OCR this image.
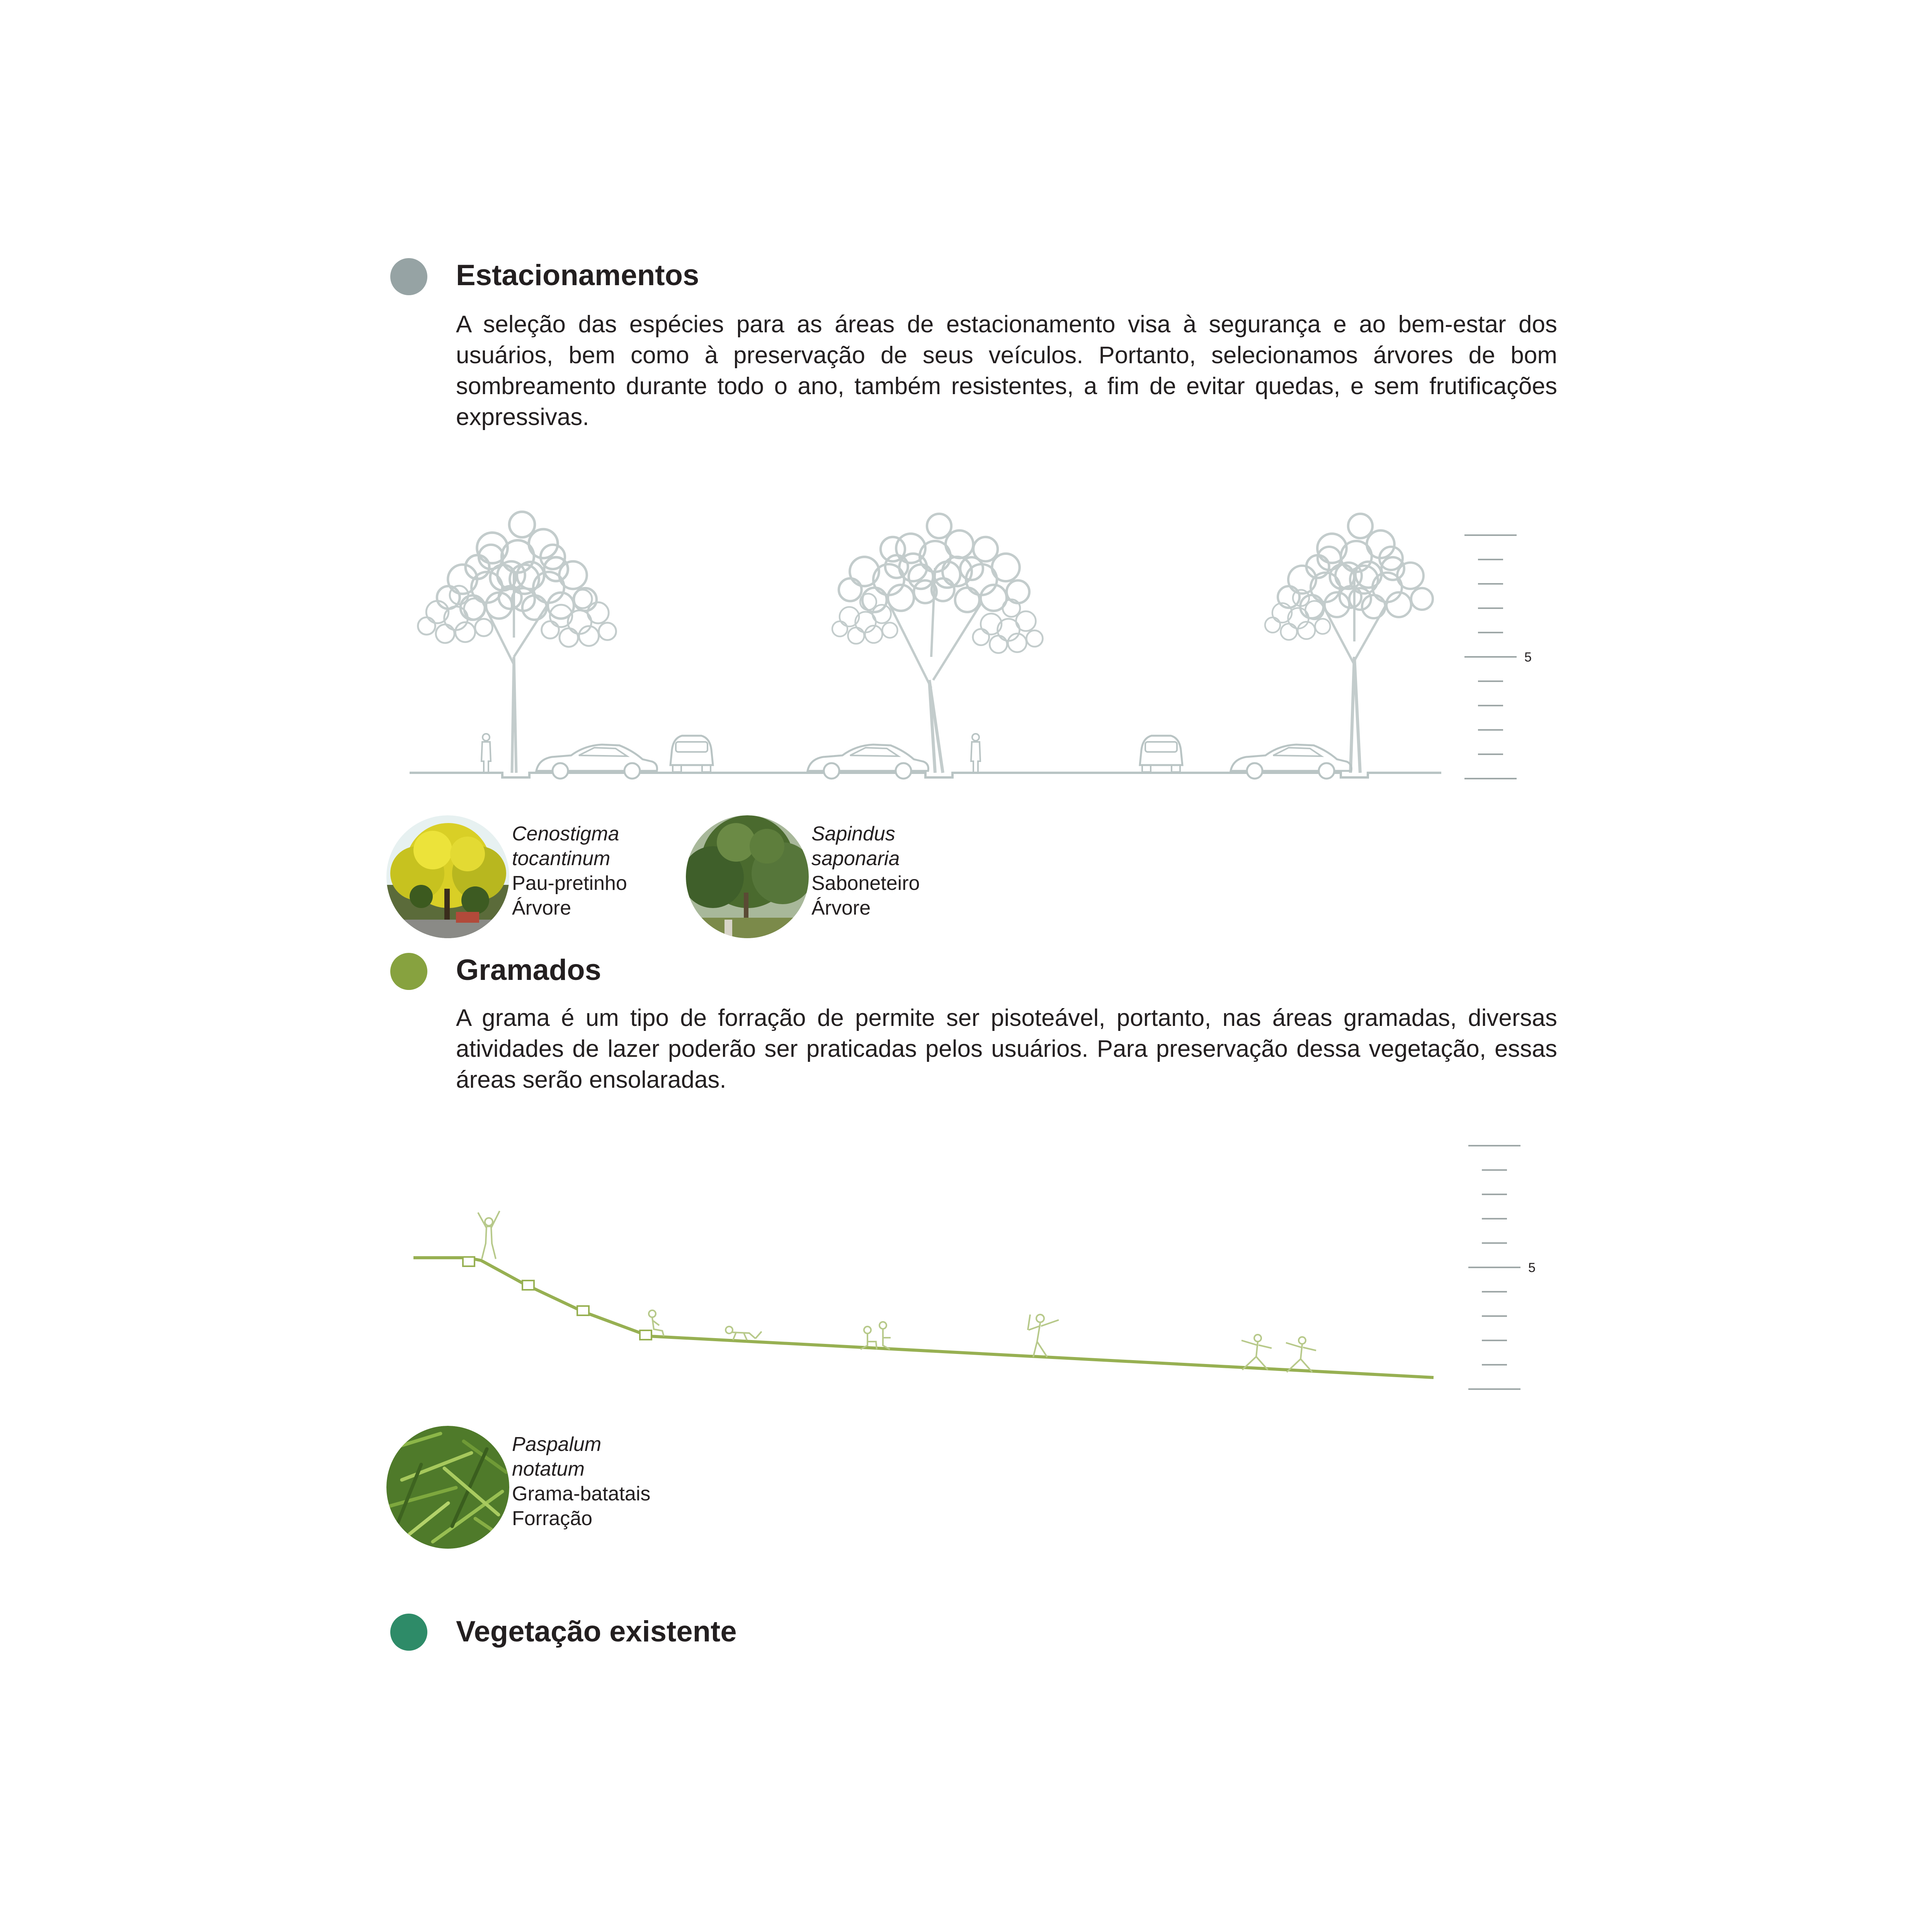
Estacionamentos

A seleção das espécies para as áreas de estacionamento visa à segurança e ao bem-estar dos usuários, bem como à preservação de seus veículos. Portanto, selecionamos árvores de bom sombreamento durante todo o ano, também resistentes, a fim de evitar quedas, e sem frutificações expressivas.

5
Cenostigma
tocantinum
Pau-pretinho
Árvore
Sapindus
saponaria
Saboneteiro
Árvore
Gramados

A grama é um tipo de forração de permite ser pisoteável, portanto, nas áreas gramadas, diversas atividades de lazer poderão ser praticadas pelos usuários. Para preservação dessa vegetação, essas áreas serão ensolaradas.

5
Paspalum
notatum
Grama-batatais
Forração
Vegetação existente
